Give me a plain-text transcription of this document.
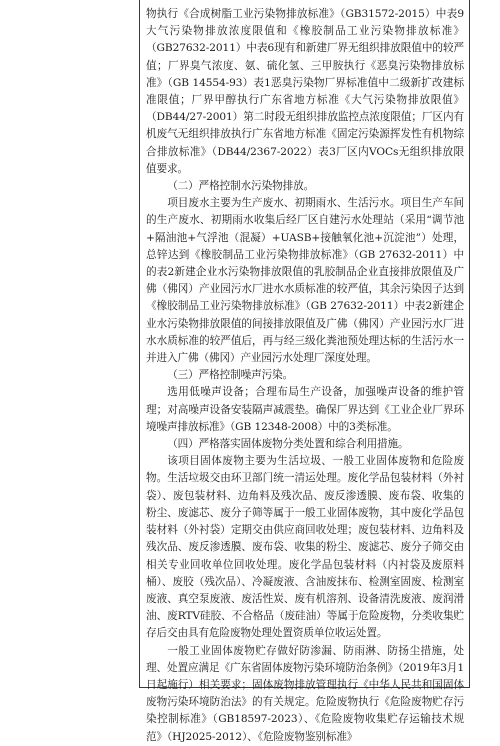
物执行《合成树脂工业污染物排放标准》（GB31572-2015）中表9大气污染物排放浓度限值和《橡胶制品工业污染物排放标准》（GB27632-2011）中表6现有和新建厂界无组织排放限值中的较严值；厂界臭气浓度、氨、硫化氢、三甲胺执行《恶臭污染物排放标准》（GB 14554-93）表1恶臭污染物厂界标准值中二级新扩改建标准限值；厂界甲醇执行广东省地方标准《大气污染物排放限值》（DB44/27-2001）第二时段无组织排放监控点浓度限值；厂区内有机废气无组织排放执行广东省地方标准《固定污染源挥发性有机物综合排放标准》（DB44/2367-2022）表3厂区内VOCs无组织排放限值要求。

（二）严格控制水污染物排放。

项目废水主要为生产废水、初期雨水、生活污水。项目生产车间的生产废水、初期雨水收集后经厂区自建污水处理站（采用“调节池+隔油池+气浮池（混凝）+UASB+接触氧化池+沉淀池”）处理，总锌达到《橡胶制品工业污染物排放标准》（GB 27632-2011）中的表2新建企业水污染物排放限值的乳胶制品企业直接排放限值及广佛（佛冈）产业园污水厂进水水质标准的较严值，其余污染因子达到《橡胶制品工业污染物排放标准》（GB 27632-2011）中表2新建企业水污染物排放限值的间接排放限值及广佛（佛冈）产业园污水厂进水水质标准的较严值后，再与经三级化粪池预处理达标的生活污水一并进入广佛（佛冈）产业园污水处理厂深度处理。

（三）严格控制噪声污染。

选用低噪声设备；合理布局生产设备，加强噪声设备的维护管理；对高噪声设备安装隔声减震垫。确保厂界达到《工业企业厂界环境噪声排放标准》（GB 12348-2008）中的3类标准。

（四）严格落实固体废物分类处置和综合利用措施。

该项目固体废物主要为生活垃圾、一般工业固体废物和危险废物。生活垃圾交由环卫部门统一清运处理。废化学品包装材料（外衬袋）、废包装材料、边角料及残次品、废反渗透膜、废布袋、收集的粉尘、废滤芯、废分子筛等属于一般工业固体废物，其中废化学品包装材料（外衬袋）定期交由供应商回收处理；废包装材料、边角料及残次品、废反渗透膜、废布袋、收集的粉尘、废滤芯、废分子筛交由相关专业回收单位回收处理。废化学品包装材料（内衬袋及废原料桶）、废胶（残次品）、冷凝废液、含油废抹布、检测室固废、检测室废液、真空泵废液、废活性炭、废有机溶剂、设备清洗废液、废润滑油、废RTV硅胶、不合格品（废硅油）等属于危险废物，分类收集贮存后交由具有危险废物处理处置资质单位收运处置。

一般工业固体废物贮存做好防渗漏、防雨淋、防扬尘措施，处理、处置应满足《广东省固体废物污染环境防治条例》（2019年3月1日起施行）相关要求；固体废物排放管理执行《中华人民共和国固体废物污染环境防治法》的有关规定。危险废物执行《危险废物贮存污染控制标准》（GB18597-2023）、《危险废物收集贮存运输技术规范》（HJ2025-2012）、《危险废物鉴别标准》
